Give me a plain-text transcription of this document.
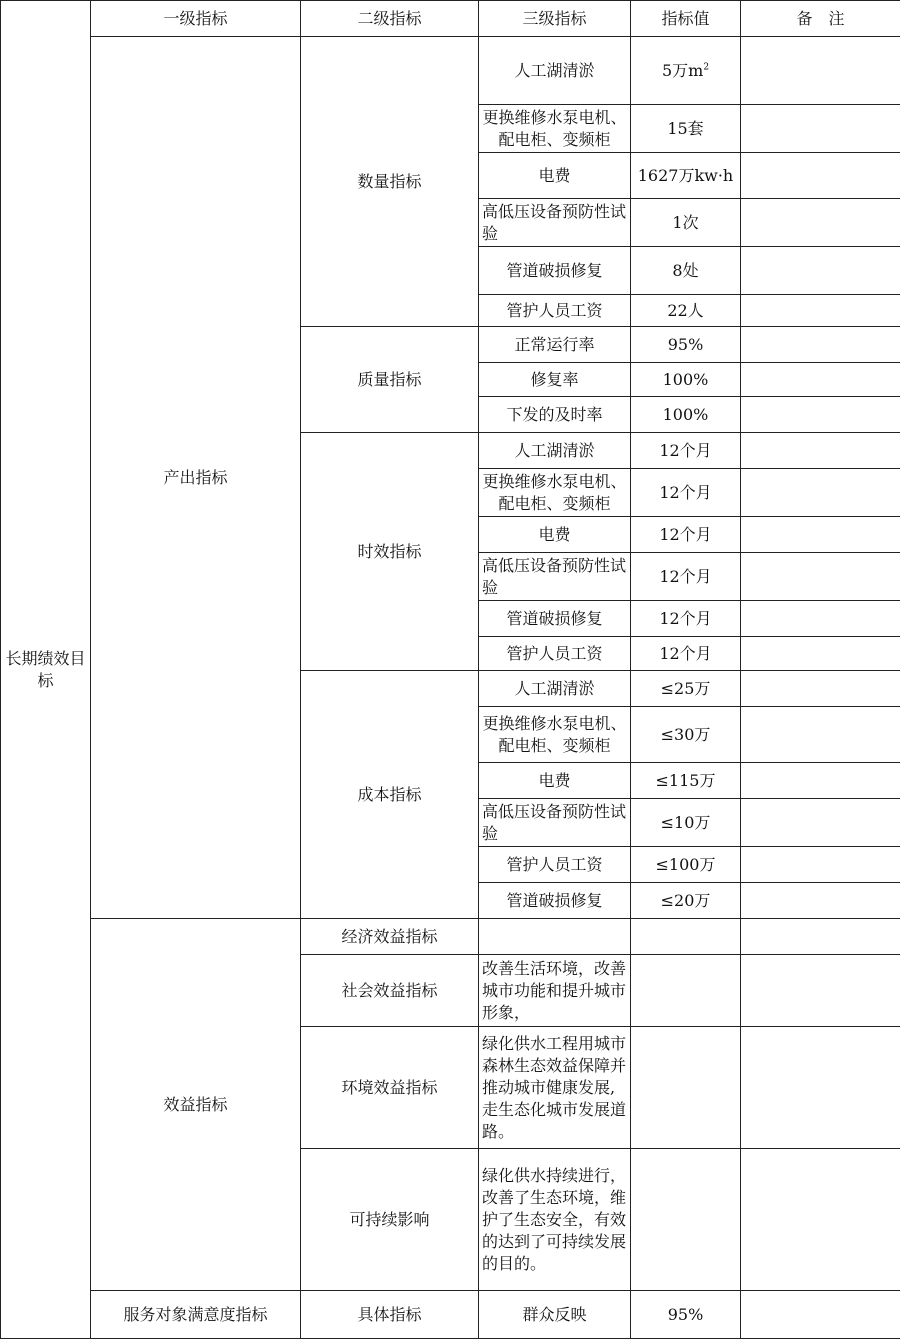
长期绩效目标	一级指标	二级指标	三级指标	指标值	备　注
	产出指标	数量指标	人工湖清淤	5万$m^2$	
			更换维修水泵电机、配电柜、变频柜	15套	
			电费	1627万kw·h	
			高低压设备预防性试验	1次	
			管道破损修复	8处	
			管护人员工资	22人	
		质量指标	正常运行率	95%	
			修复率	100%	
			下发的及时率	100%	
		时效指标	人工湖清淤	12个月	
			更换维修水泵电机、配电柜、变频柜	12个月	
			电费	12个月	
			高低压设备预防性试验	12个月	
			管道破损修复	12个月	
			管护人员工资	12个月	
		成本指标	人工湖清淤	≤25万	
			更换维修水泵电机、配电柜、变频柜	≤30万	
			电费	≤115万	
			高低压设备预防性试验	≤10万	
			管护人员工资	≤100万	
			管道破损修复	≤20万	
	效益指标	经济效益指标			
		社会效益指标	改善生活环境，改善城市功能和提升城市形象，		
		环境效益指标	绿化供水工程用城市森林生态效益保障并推动城市健康发展,走生态化城市发展道路。		
		可持续影响	绿化供水持续进行，改善了生态环境，维护了生态安全，有效的达到了可持续发展的目的。		
	服务对象满意度指标	具体指标	群众反映	95%	
